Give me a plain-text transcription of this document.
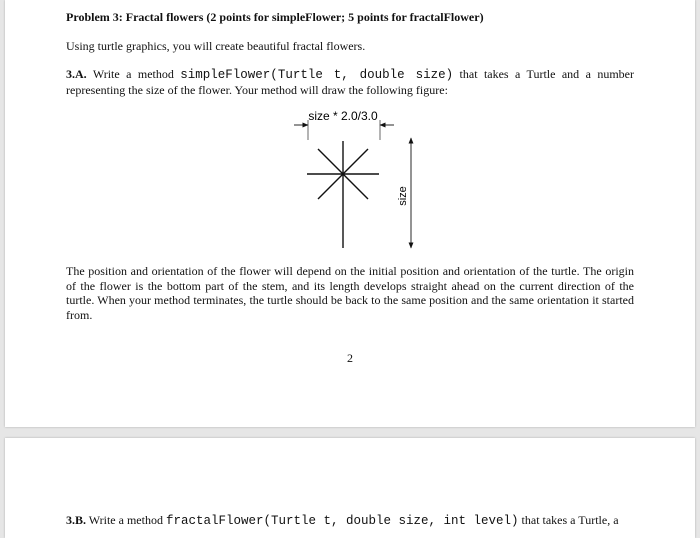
Problem 3: Fractal flowers (2 points for simpleFlower; 5 points for fractalFlower)

Using turtle graphics, you will create beautiful fractal flowers.

3.A. Write a method simpleFlower(Turtle t, double size) that takes a Turtle and a number representing the size of the flower. Your method will draw the following figure:

size * 2.0/3.0
size

The position and orientation of the flower will depend on the initial position and orientation of the turtle. The origin of the flower is the bottom part of the stem, and its length develops straight ahead on the current direction of the turtle. When your method terminates, the turtle should be back to the same position and the same orientation it started from.

2

3.B. Write a method fractalFlower(Turtle t, double size, int level) that takes a Turtle, a
